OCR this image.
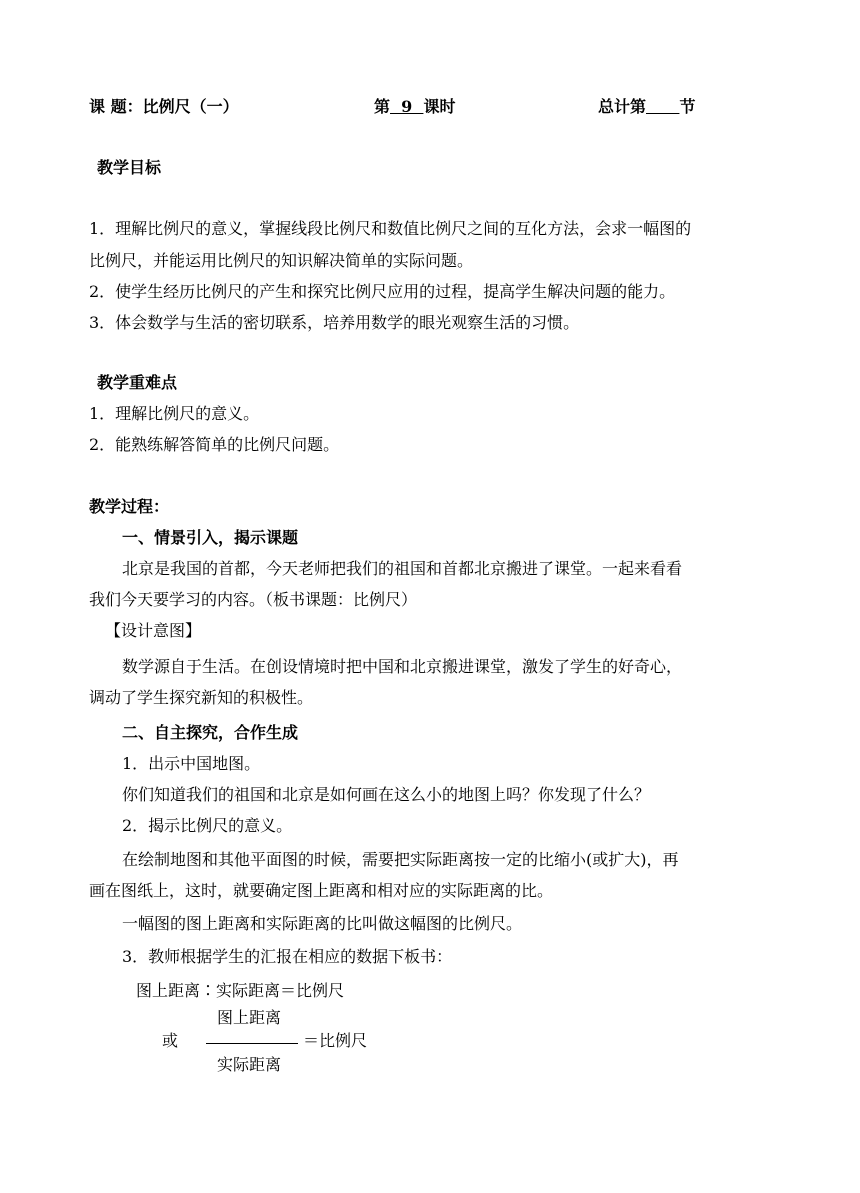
课 题：比例尺（一）	第  9  课时	总计第 节
教学目标
1．理解比例尺的意义，掌握线段比例尺和数值比例尺之间的互化方法，会求一幅图的
比例尺，并能运用比例尺的知识解决简单的实际问题。
2．使学生经历比例尺的产生和探究比例尺应用的过程，提高学生解决问题的能力。
3．体会数学与生活的密切联系，培养用数学的眼光观察生活的习惯。
教学重难点
1．理解比例尺的意义。
2．能熟练解答简单的比例尺问题。
教学过程：
一、情景引入，揭示课题
北京是我国的首都，今天老师把我们的祖国和首都北京搬进了课堂。一起来看看
我们今天要学习的内容。（板书课题：比例尺）
【设计意图】
数学源自于生活。在创设情境时把中国和北京搬进课堂，激发了学生的好奇心，
调动了学生探究新知的积极性。
二、自主探究，合作生成
1．出示中国地图。
你们知道我们的祖国和北京是如何画在这么小的地图上吗？你发现了什么？
2．揭示比例尺的意义。
在绘制地图和其他平面图的时候，需要把实际距离按一定的比缩小(或扩大)，再
画在图纸上，这时，就要确定图上距离和相对应的实际距离的比。
一幅图的图上距离和实际距离的比叫做这幅图的比例尺。
3．教师根据学生的汇报在相应的数据下板书：
图上距离∶实际距离＝比例尺
图上距离
或	＝比例尺
实际距离
